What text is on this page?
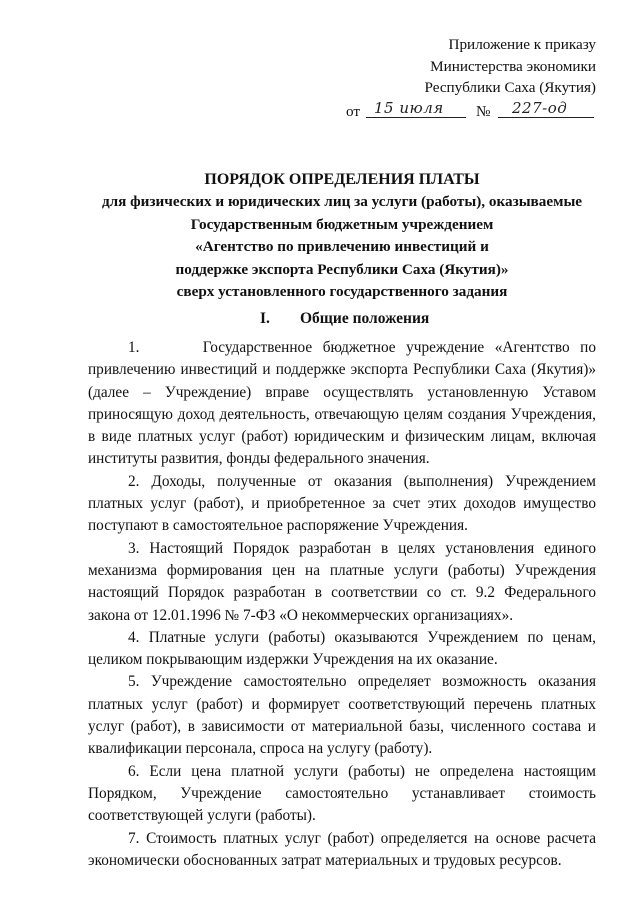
Приложение к приказу
Министерства экономики
Республики Саха (Якутия)
от 15 июля № 227-од
ПОРЯДОК ОПРЕДЕЛЕНИЯ ПЛАТЫ
для физических и юридических лиц за услуги (работы), оказываемые
Государственным бюджетным учреждением
«Агентство по привлечению инвестиций и
поддержке экспорта Республики Саха (Якутия)»
сверх установленного государственного задания
I. Общие положения

1.      Государственное бюджетное учреждение «Агентство по привлечению инвестиций и поддержке экспорта Республики Саха (Якутия)» (далее – Учреждение) вправе осуществлять установленную Уставом приносящую доход деятельность, отвечающую целям создания Учреждения, в виде платных услуг (работ) юридическим и физическим лицам, включая институты развития, фонды федерального значения.

2. Доходы, полученные от оказания (выполнения) Учреждением платных услуг (работ), и приобретенное за счет этих доходов имущество поступают в самостоятельное распоряжение Учреждения.

3. Настоящий Порядок разработан в целях установления единого механизма формирования цен на платные услуги (работы) Учреждения настоящий Порядок разработан в соответствии со ст. 9.2 Федерального закона от 12.01.1996 № 7-ФЗ «О некоммерческих организациях».

4. Платные услуги (работы) оказываются Учреждением по ценам, целиком покрывающим издержки Учреждения на их оказание.

5. Учреждение самостоятельно определяет возможность оказания платных услуг (работ) и формирует соответствующий перечень платных услуг (работ), в зависимости от материальной базы, численного состава и квалификации персонала, спроса на услугу (работу).

6. Если цена платной услуги (работы) не определена настоящим Порядком, Учреждение самостоятельно устанавливает стоимость соответствующей услуги (работы).

7. Стоимость платных услуг (работ) определяется на основе расчета экономически обоснованных затрат материальных и трудовых ресурсов.
